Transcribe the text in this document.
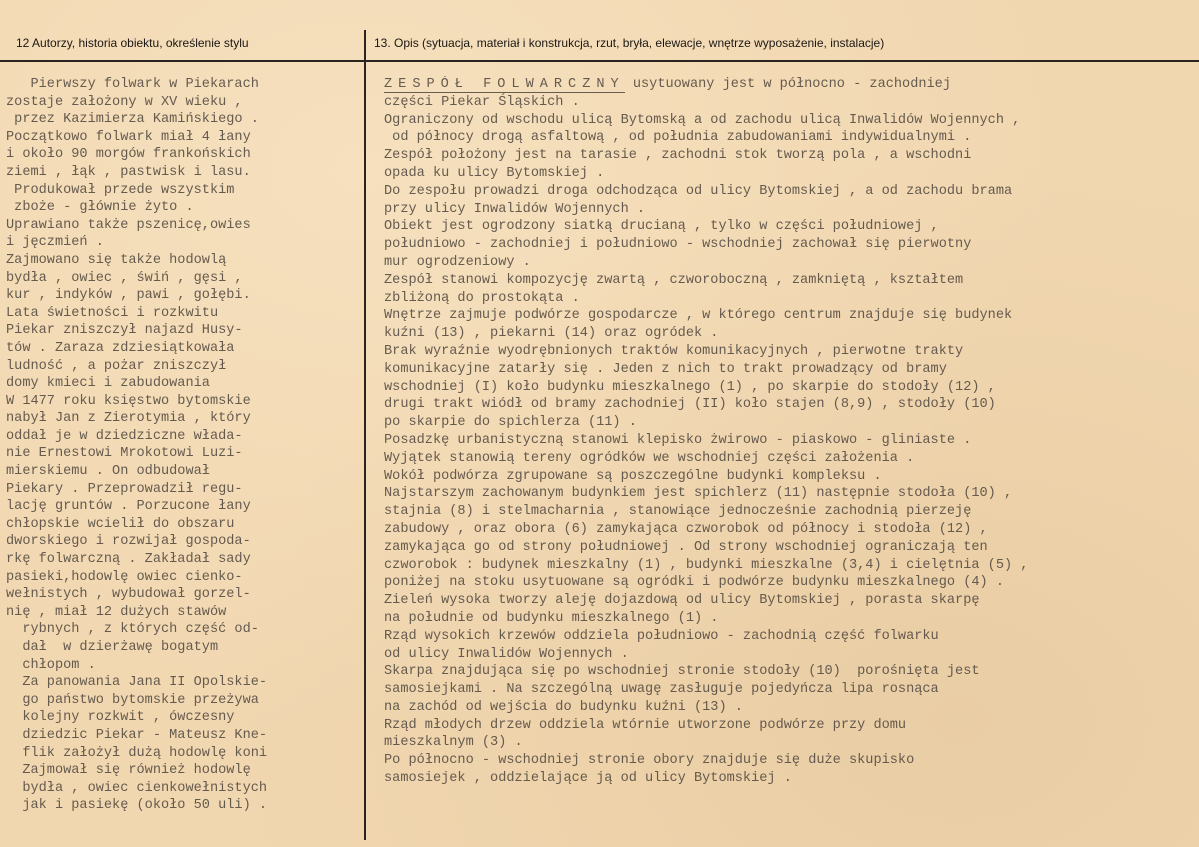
12 Autorzy, historia obiektu, określenie stylu	13. Opis (sytuacja, materiał i konstrukcja, rzut, bryła, elewacje, wnętrze wyposażenie, instalacje)
Pierwszy folwark w Piekarach
zostaje założony w XV wieku ,
przez Kazimierza Kamińskiego .
Początkowo folwark miał 4 łany
i około 90 morgów frankońskich
ziemi , łąk , pastwisk i lasu.
Produkował przede wszystkim
zboże - głównie żyto .
Uprawiano także pszenicę,owies
i jęczmień .
Zajmowano się także hodowlą
bydła , owiec , świń , gęsi ,
kur , indyków , pawi , gołębi.
Lata świetności i rozkwitu
Piekar zniszczył najazd Husy-
tów . Zaraza zdziesiątkowała
ludność , a pożar zniszczył
domy kmieci i zabudowania
W 1477 roku księstwo bytomskie
nabył Jan z Zierotymia , który
oddał je w dziedziczne włada-
nie Ernestowi Mrokotowi Luzi-
mierskiemu . On odbudował
Piekary . Przeprowadził regu-
lację gruntów . Porzucone łany
chłopskie wcielił do obszaru
dworskiego i rozwijał gospoda-
rkę folwarczną . Zakładał sady
pasieki,hodowlę owiec cienko-
wełnistych , wybudował gorzel-
nię , miał 12 dużych stawów
rybnych , z których część od-
dał  w dzierżawę bogatym
chłopom .
Za panowania Jana II Opolskie-
go państwo bytomskie przeżywa
kolejny rozkwit , ówczesny
dziedzic Piekar - Mateusz Kne-
flik założył dużą hodowlę koni
Zajmował się również hodowlę
bydła , owiec cienkowełnistych
jak i pasiekę (około 50 uli) .
ZESPÓŁ FOLWARCZNY usytuowany jest w północno - zachodniej
części Piekar Śląskich .
Ograniczony od wschodu ulicą Bytomską a od zachodu ulicą Inwalidów Wojennych ,
od północy drogą asfaltową , od południa zabudowaniami indywidualnymi .
Zespół położony jest na tarasie , zachodni stok tworzą pola , a wschodni
opada ku ulicy Bytomskiej .
Do zespołu prowadzi droga odchodząca od ulicy Bytomskiej , a od zachodu brama
przy ulicy Inwalidów Wojennych .
Obiekt jest ogrodzony siatką drucianą , tylko w części południowej ,
południowo - zachodniej i południowo - wschodniej zachował się pierwotny
mur ogrodzeniowy .
Zespół stanowi kompozycję zwartą , czworoboczną , zamkniętą , kształtem
zbliżoną do prostokąta .
Wnętrze zajmuje podwórze gospodarcze , w którego centrum znajduje się budynek
kuźni (13) , piekarni (14) oraz ogródek .
Brak wyraźnie wyodrębnionych traktów komunikacyjnych , pierwotne trakty
komunikacyjne zatarły się . Jeden z nich to trakt prowadzący od bramy
wschodniej (I) koło budynku mieszkalnego (1) , po skarpie do stodoły (12) ,
drugi trakt wiódł od bramy zachodniej (II) koło stajen (8,9) , stodoły (10)
po skarpie do spichlerza (11) .
Posadzkę urbanistyczną stanowi klepisko żwirowo - piaskowo - gliniaste .
Wyjątek stanowią tereny ogródków we wschodniej części założenia .
Wokół podwórza zgrupowane są poszczególne budynki kompleksu .
Najstarszym zachowanym budynkiem jest spichlerz (11) następnie stodoła (10) ,
stajnia (8) i stelmacharnia , stanowiące jednocześnie zachodnią pierzeję
zabudowy , oraz obora (6) zamykająca czworobok od północy i stodoła (12) ,
zamykająca go od strony południowej . Od strony wschodniej ograniczają ten
czworobok : budynek mieszkalny (1) , budynki mieszkalne (3,4) i cielętnia (5) ,
poniżej na stoku usytuowane są ogródki i podwórze budynku mieszkalnego (4) .
Zieleń wysoka tworzy aleję dojazdową od ulicy Bytomskiej , porasta skarpę
na południe od budynku mieszkalnego (1) .
Rząd wysokich krzewów oddziela południowo - zachodnią część folwarku
od ulicy Inwalidów Wojennych .
Skarpa znajdująca się po wschodniej stronie stodoły (10)  porośnięta jest
samosiejkami . Na szczególną uwagę zasługuje pojedyńcza lipa rosnąca
na zachód od wejścia do budynku kuźni (13) .
Rząd młodych drzew oddziela wtórnie utworzone podwórze przy domu
mieszkalnym (3) .
Po północno - wschodniej stronie obory znajduje się duże skupisko
samosiejek , oddzielające ją od ulicy Bytomskiej .
